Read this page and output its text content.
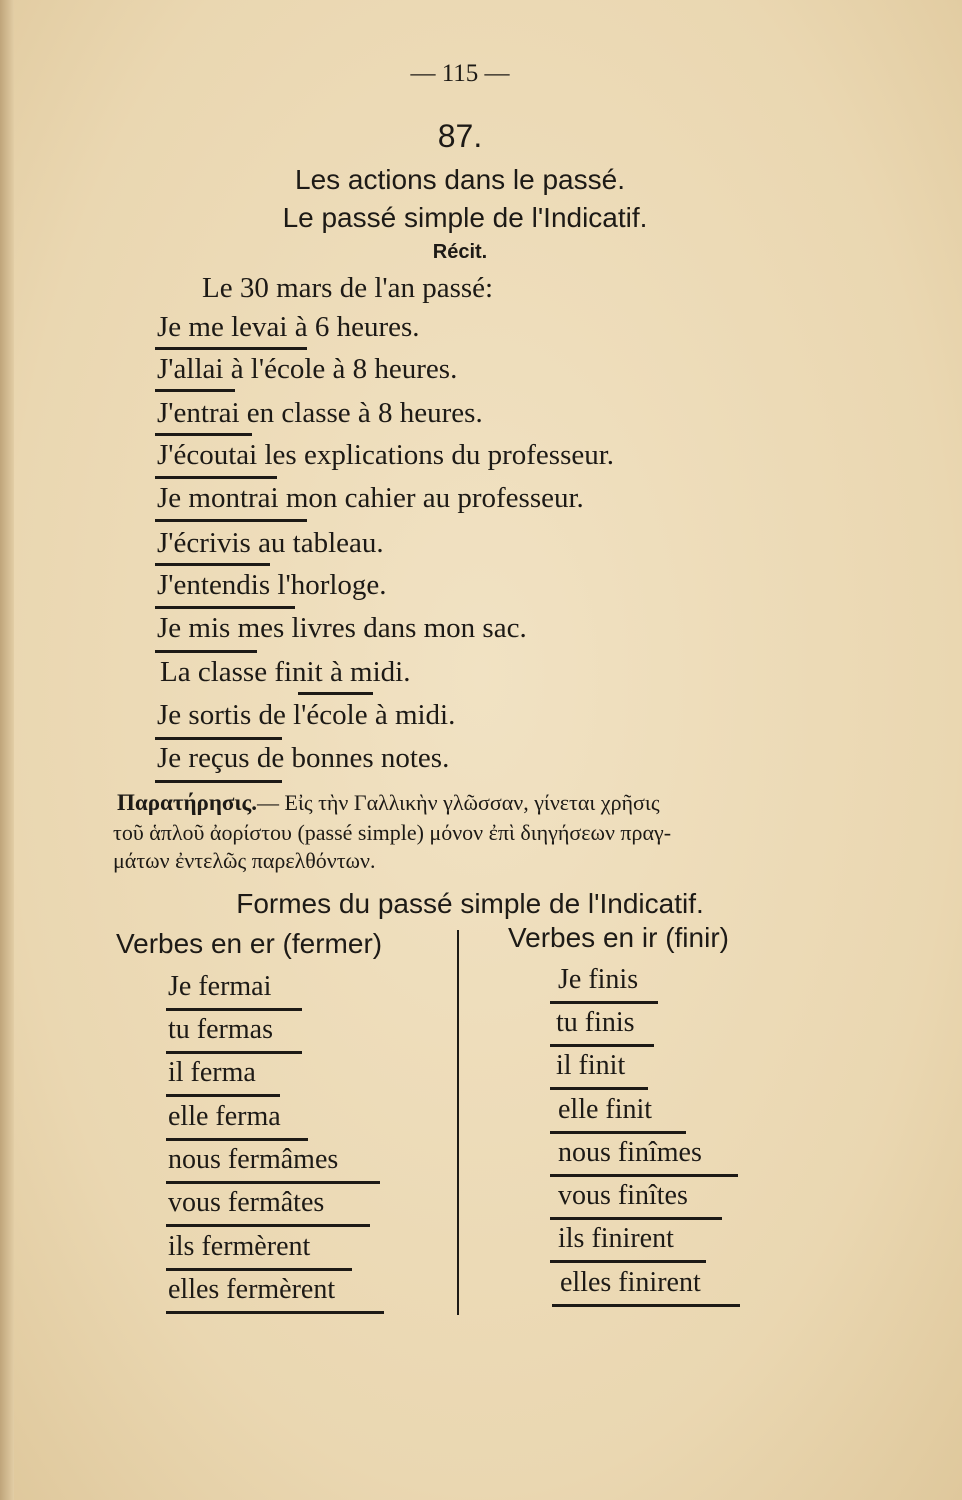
— 115 —
87.
Les actions dans le passé.
Le passé simple de l'Indicatif.
Récit.
Le 30 mars de l'an passé:
Je me levai à 6 heures.
J'allai à l'école à 8 heures.
J'entrai en classe à 8 heures.
J'écoutai les explications du professeur.
Je montrai mon cahier au professeur.
J'écrivis au tableau.
J'entendis l'horloge.
Je mis mes livres dans mon sac.
La classe finit à midi.
Je sortis de l'école à midi.
Je reçus de bonnes notes.
Παρατήρησις.— Εἰς τὴν Γαλλικὴν γλῶσσαν, γίνεται χρῆσις
τοῦ ἁπλοῦ ἀορίστου (passé simple) μόνον ἐπὶ διηγήσεων πραγ-
μάτων ἐντελῶς παρελθόντων.
Formes du passé simple de l'Indicatif.
Verbes en er (fermer)	Verbes en ir (finir)
Je fermai
tu fermas
il ferma
elle ferma
nous fermâmes
vous fermâtes
ils fermèrent
elles fermèrent
Je finis
tu finis
il finit
elle finit
nous finîmes
vous finîtes
ils finirent
elles finirent
